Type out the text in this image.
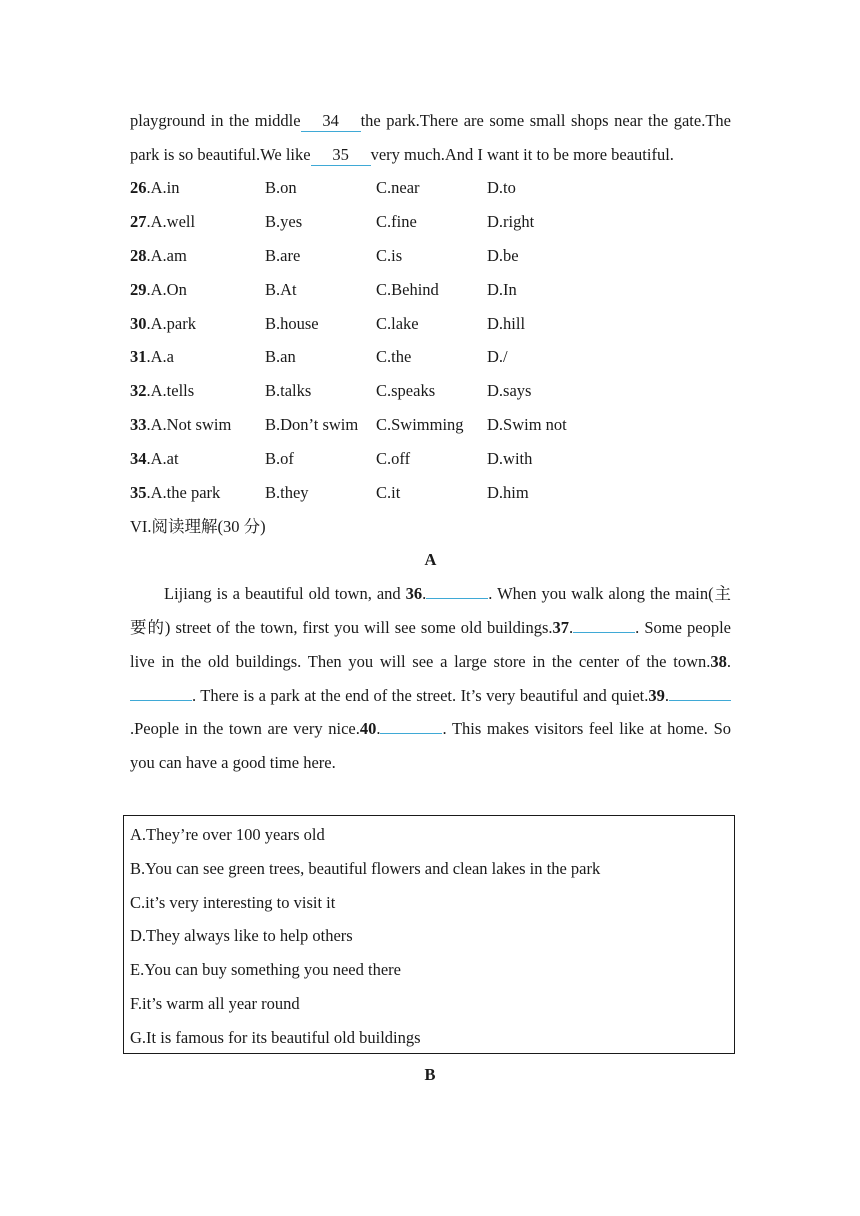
playground in the middle 34 the park.There are some small shops near the gate.The park is so beautiful.We like 35 very much.And I want it to be more beautiful.

26.A.in	B.on	C.near	D.to
27.A.well	B.yes	C.fine	D.right
28.A.am	B.are	C.is	D.be
29.A.On	B.At	C.Behind	D.In
30.A.park	B.house	C.lake	D.hill
31.A.a	B.an	C.the	D./
32.A.tells	B.talks	C.speaks	D.says
33.A.Not swim	B.Don’t swim	C.Swimming	D.Swim not
34.A.at	B.of	C.off	D.with
35.A.the park	B.they	C.it	D.him
VI.阅读理解(30 分)
A

Lijiang is a beautiful old town, and 36.	. When you walk along the main(主要的) street of the town, first you will see some old buildings.37.	. Some people live in the old buildings. Then you will see a large store in the center of the town.38.. There is a park at the end of the street. It’s very beautiful and quiet.39..People in the town are very nice.40.	. This makes visitors feel like at home. So you can have a good time here.

A.They’re over 100 years old
B.You can see green trees, beautiful flowers and clean lakes in the park
C.it’s very interesting to visit it
D.They always like to help others
E.You can buy something you need there
F.it’s warm all year round
G.It is famous for its beautiful old buildings
B
